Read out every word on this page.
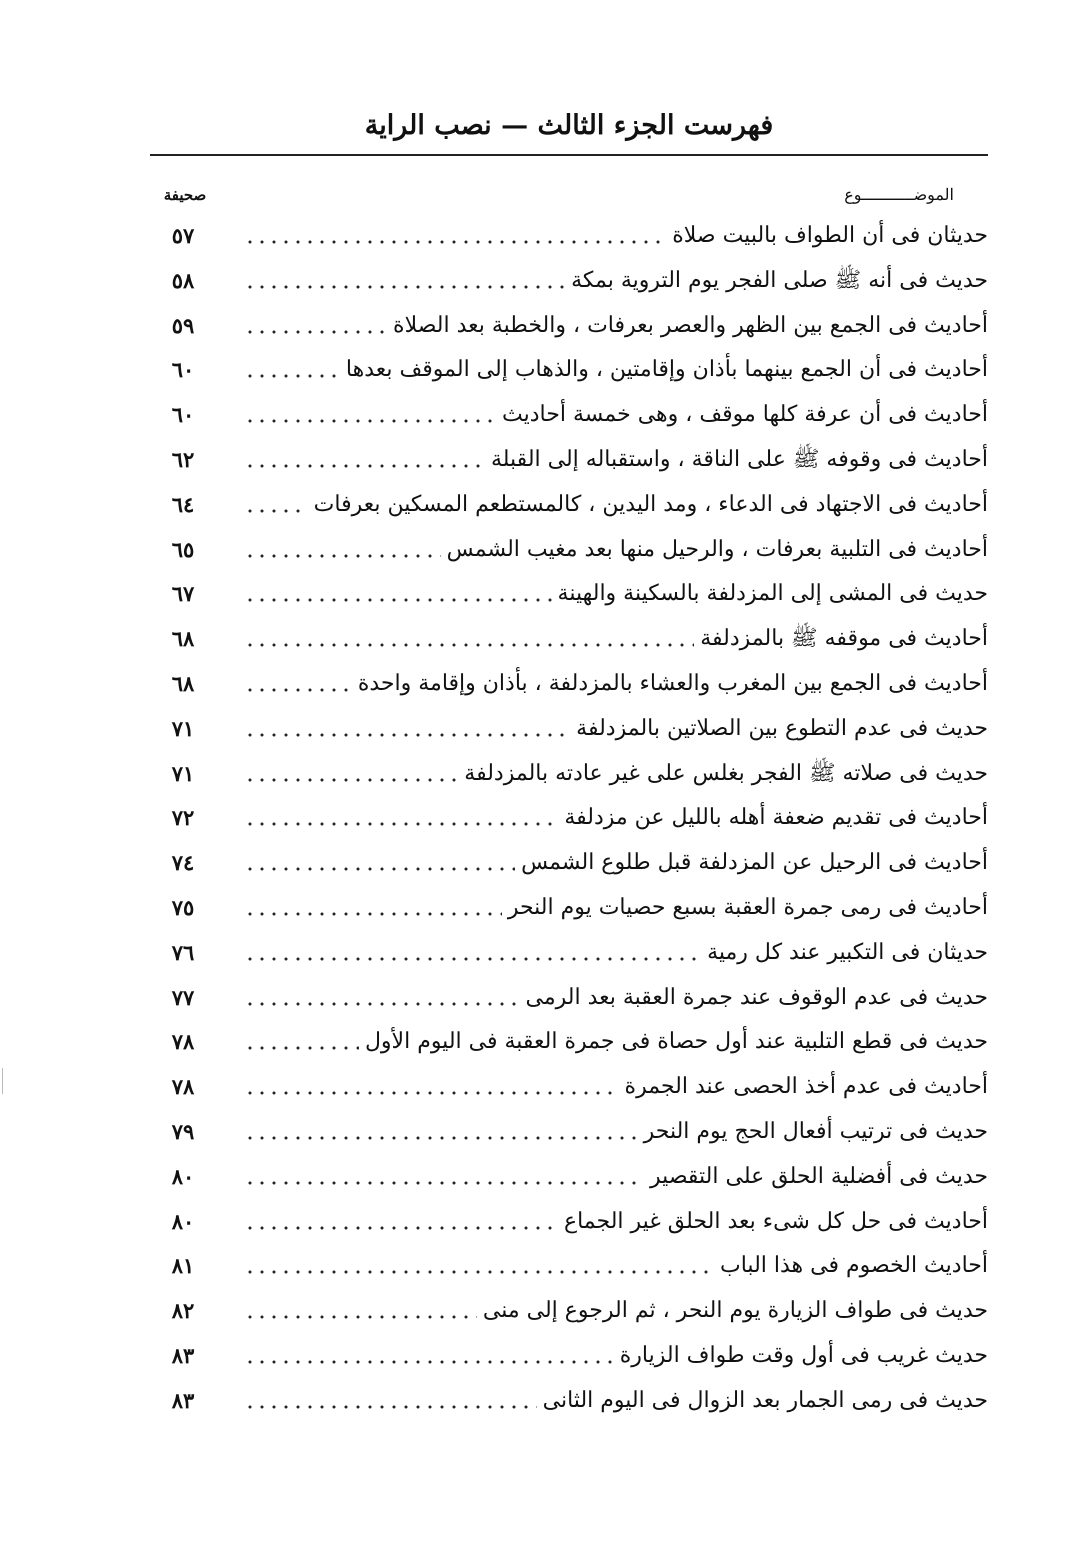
فهرست الجزء الثالث — نصب الراية
الموضـــــــــــوع
صحيفة
حديثان فى أن الطواف بالبيت صلاة
٥٧
حديث فى أنه ﷺ صلى الفجر يوم التروية بمكة
٥٨
أحاديث فى الجمع بين الظهر والعصر بعرفات ، والخطبة بعد الصلاة
٥٩
أحاديث فى أن الجمع بينهما بأذان وإقامتين ، والذهاب إلى الموقف بعدها
٦٠
أحاديث فى أن عرفة كلها موقف ، وهى خمسة أحاديث
٦٠
أحاديث فى وقوفه ﷺ على الناقة ، واستقباله إلى القبلة
٦٢
أحاديث فى الاجتهاد فى الدعاء ، ومد اليدين ، كالمستطعم المسكين بعرفات
٦٤
أحاديث فى التلبية بعرفات ، والرحيل منها بعد مغيب الشمس
٦٥
حديث فى المشى إلى المزدلفة بالسكينة والهينة
٦٧
أحاديث فى موقفه ﷺ بالمزدلفة
٦٨
أحاديث فى الجمع بين المغرب والعشاء بالمزدلفة ، بأذان وإقامة واحدة
٦٨
حديث فى عدم التطوع بين الصلاتين بالمزدلفة
٧١
حديث فى صلاته ﷺ الفجر بغلس على غير عادته بالمزدلفة
٧١
أحاديث فى تقديم ضعفة أهله بالليل عن مزدلفة
٧٢
أحاديث فى الرحيل عن المزدلفة قبل طلوع الشمس
٧٤
أحاديث فى رمى جمرة العقبة بسبع حصيات يوم النحر
٧٥
حديثان فى التكبير عند كل رمية
٧٦
حديث فى عدم الوقوف عند جمرة العقبة بعد الرمى
٧٧
حديث فى قطع التلبية عند أول حصاة فى جمرة العقبة فى اليوم الأول
٧٨
أحاديث فى عدم أخذ الحصى عند الجمرة
٧٨
حديث فى ترتيب أفعال الحج يوم النحر
٧٩
حديث فى أفضلية الحلق على التقصير
٨٠
أحاديث فى حل كل شىء بعد الحلق غير الجماع
٨٠
أحاديث الخصوم فى هذا الباب
٨١
حديث فى طواف الزيارة يوم النحر ، ثم الرجوع إلى منى
٨٢
حديث غريب فى أول وقت طواف الزيارة
٨٣
حديث فى رمى الجمار بعد الزوال فى اليوم الثانى
٨٣
